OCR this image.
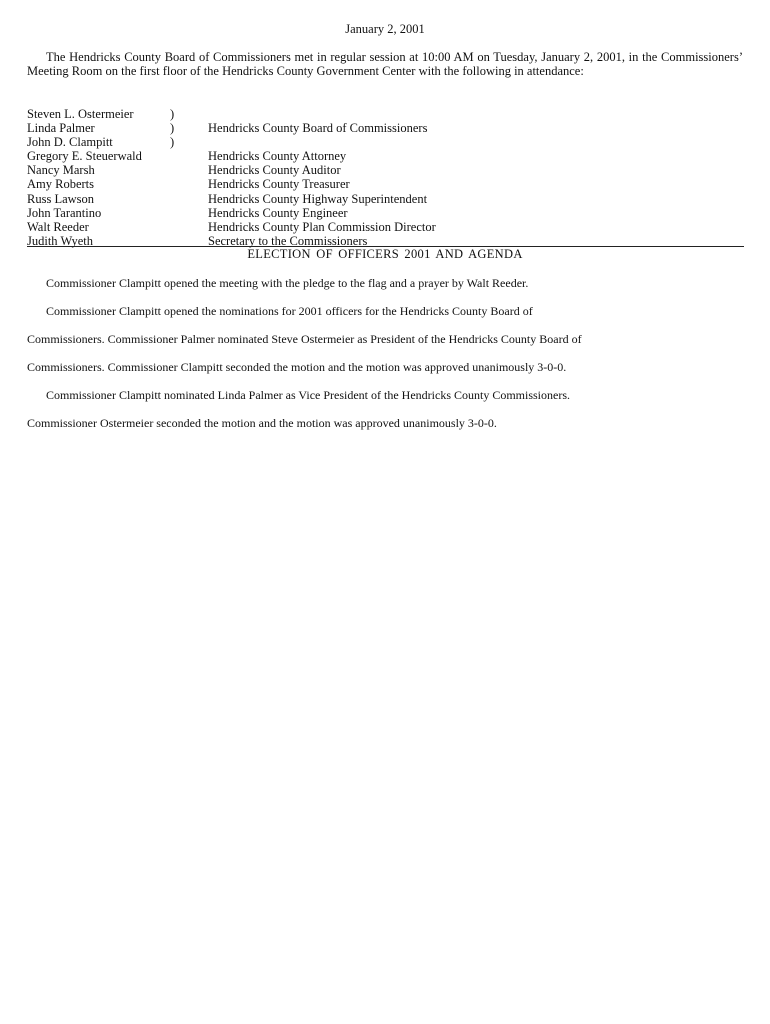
January 2, 2001

The Hendricks County Board of Commissioners met in regular session at 10:00 AM on Tuesday, January 2, 2001, in the Commissioners’ Meeting Room on the first floor of the Hendricks County Government Center with the following in attendance:

Steven L. Ostermeier	)
Linda Palmer	)	Hendricks County Board of Commissioners
John D. Clampitt	)
Gregory E. Steuerwald	Hendricks County Attorney
Nancy Marsh	Hendricks County Auditor
Amy Roberts	Hendricks County Treasurer
Russ Lawson	Hendricks County Highway Superintendent
John Tarantino	Hendricks County Engineer
Walt Reeder	Hendricks County Plan Commission Director
Judith Wyeth	Secretary to the Commissioners
ELECTION OF OFFICERS 2001 AND AGENDA
Commissioner Clampitt opened the meeting with the pledge to the flag and a prayer by Walt Reeder.
Commissioner Clampitt opened the nominations for 2001 officers for the Hendricks County Board of
Commissioners. Commissioner Palmer nominated Steve Ostermeier as President of the Hendricks County Board of
Commissioners. Commissioner Clampitt seconded the motion and the motion was approved unanimously 3-0-0.
Commissioner Clampitt nominated Linda Palmer as Vice President of the Hendricks County Commissioners.
Commissioner Ostermeier seconded the motion and the motion was approved unanimously 3-0-0.
